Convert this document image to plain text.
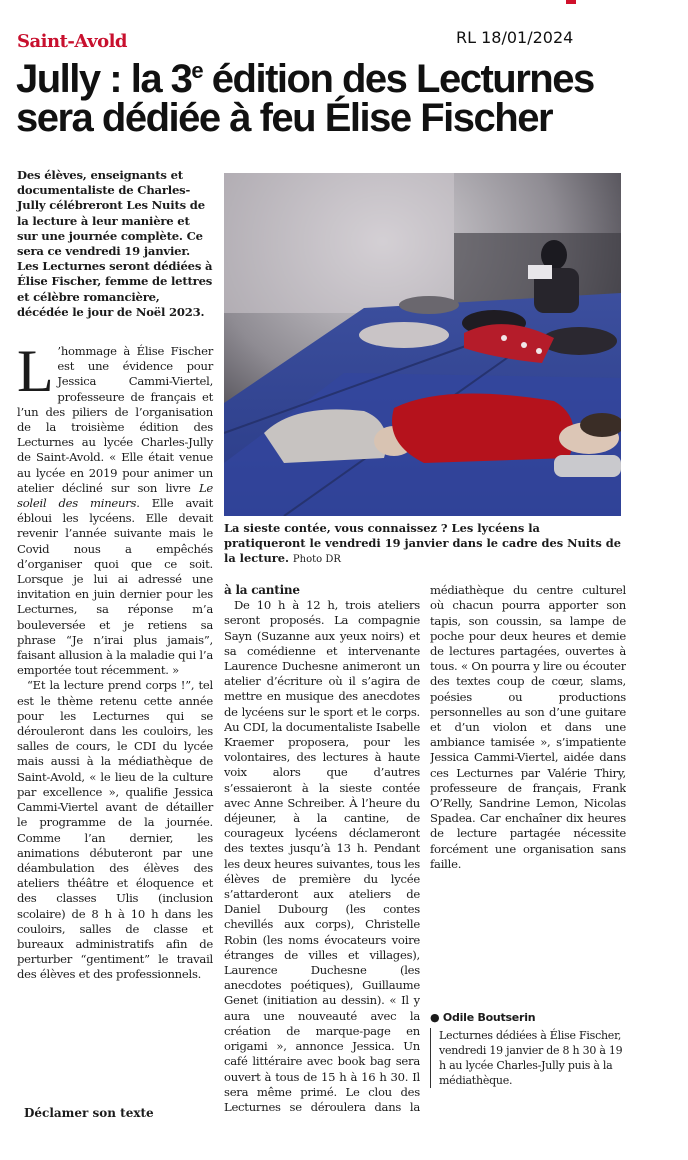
Saint-Avold	RL 18/01/2024
Jully : la 3e édition des Lecturnes sera dédiée à feu Élise Fischer

Des élèves, enseignants et documentaliste de Charles-Jully célébreront Les Nuits de la lecture à leur manière et sur une journée complète. Ce sera ce vendredi 19 janvier. Les Lecturnes seront dédiées à Élise Fischer, femme de lettres et célèbre romancière, décédée le jour de Noël 2023.

La sieste contée, vous connaissez ? Les lycéens la pratiqueront le vendredi 19 janvier dans le cadre des Nuits de la lecture. Photo DR

L ’hommage à Élise Fischer est une évidence pour Jessica Cammi-Viertel, professeure de français et l’un des piliers de l’organisation de la troisième édition des Lecturnes au lycée Charles-Jully de Saint-Avold. « Elle était venue au lycée en 2019 pour animer un atelier décliné sur son livre Le soleil des mineurs. Elle avait ébloui les lycéens. Elle devait revenir l’année suivante mais le Covid nous a empêchés d’organiser quoi que ce soit. Lorsque je lui ai adressé une invitation en juin dernier pour les Lecturnes, sa réponse m’a bouleversée et je retiens sa phrase “Je n’irai plus jamais”, faisant allusion à la maladie qui l’a emportée tout récemment. »

“Et la lecture prend corps !”, tel est le thème retenu cette année pour les Lecturnes qui se dérouleront dans les couloirs, les salles de cours, le CDI du lycée mais aussi à la médiathèque de Saint-Avold, « le lieu de la culture par excellence », qualifie Jessica Cammi-Viertel avant de détailler le programme de la journée. Comme l’an dernier, les animations débuteront par une déambulation des élèves des ateliers théâtre et éloquence et des classes Ulis (inclusion scolaire) de 8 h à 10 h dans les couloirs, salles de classe et bureaux administratifs afin de perturber “gentiment” le travail des élèves et des professionnels.

Déclamer son texte

à la cantine

De 10 h à 12 h, trois ateliers seront proposés. La compagnie Sayn (Suzanne aux yeux noirs) et sa comédienne et intervenante Laurence Duchesne animeront un atelier d’écriture où il s’agira de mettre en musique des anecdotes de lycéens sur le sport et le corps. Au CDI, la documentaliste Isabelle Kraemer proposera, pour les volontaires, des lectures à haute voix alors que d’autres s’essaieront à la sieste contée avec Anne Schreiber. À l’heure du déjeuner, à la cantine, de courageux lycéens déclameront des textes jusqu’à 13 h. Pendant les deux heures suivantes, tous les élèves de première du lycée s’attarderont aux ateliers de Daniel Dubourg (les contes chevillés aux corps), Christelle Robin (les noms évocateurs voire étranges de villes et villages), Laurence Duchesne (les anecdotes poétiques), Guillaume Genet (initiation au dessin). « Il y aura une nouveauté avec la création de marque-page en origami », annonce Jessica. Un café littéraire avec book bag sera ouvert à tous de 15 h à 16 h 30. Il sera même primé. Le clou des Lecturnes se déroulera dans la

médiathèque du centre culturel où chacun pourra apporter son tapis, son coussin, sa lampe de poche pour deux heures et demie de lectures partagées, ouvertes à tous. « On pourra y lire ou écouter des textes coup de cœur, slams, poésies ou productions personnelles au son d’une guitare et d’un violon et dans une ambiance tamisée », s’impatiente Jessica Cammi-Viertel, aidée dans ces Lecturnes par Valérie Thiry, professeure de français, Frank O’Relly, Sandrine Lemon, Nicolas Spadea. Car enchaîner dix heures de lecture partagée nécessite forcément une organisation sans faille.

● Odile Boutserin

Lecturnes dédiées à Élise Fischer, vendredi 19 janvier de 8 h 30 à 19 h au lycée Charles-Jully puis à la médiathèque.
